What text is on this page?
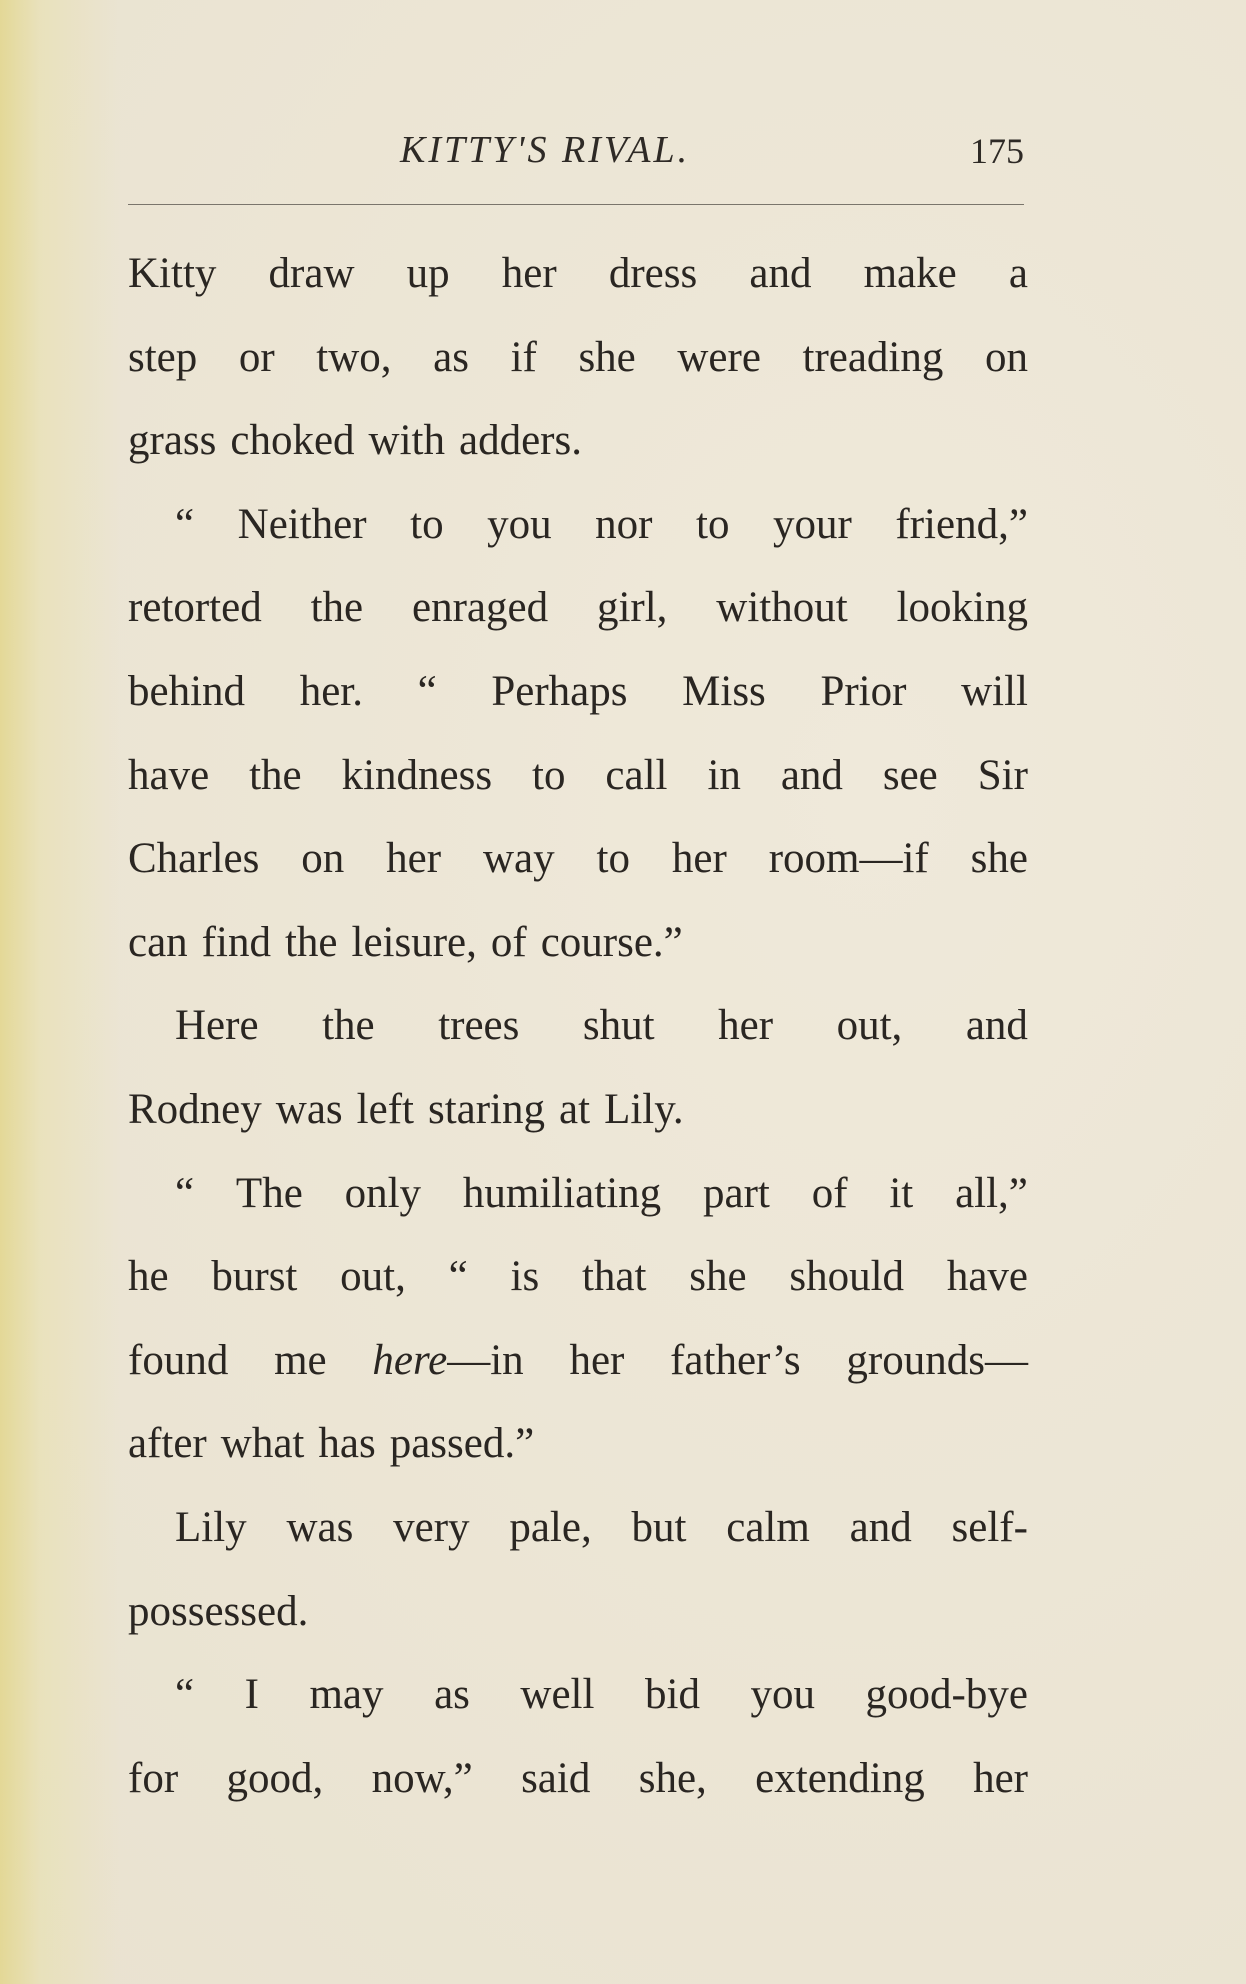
KITTY'S RIVAL.	175
Kitty draw up her dress and make a
step or two, as if she were treading on
grass choked with adders.
“ Neither to you nor to your friend,”
retorted the enraged girl, without looking
behind her. “ Perhaps Miss Prior will
have the kindness to call in and see Sir
Charles on her way to her room—if she
can find the leisure, of course.”
Here the trees shut her out, and
Rodney was left staring at Lily.
“ The only humiliating part of it all,”
he burst out, “ is that she should have
found me here—in her father’s grounds—
after what has passed.”
Lily was very pale, but calm and self-
possessed.
“ I may as well bid you good-bye
for good, now,” said she, extending her
